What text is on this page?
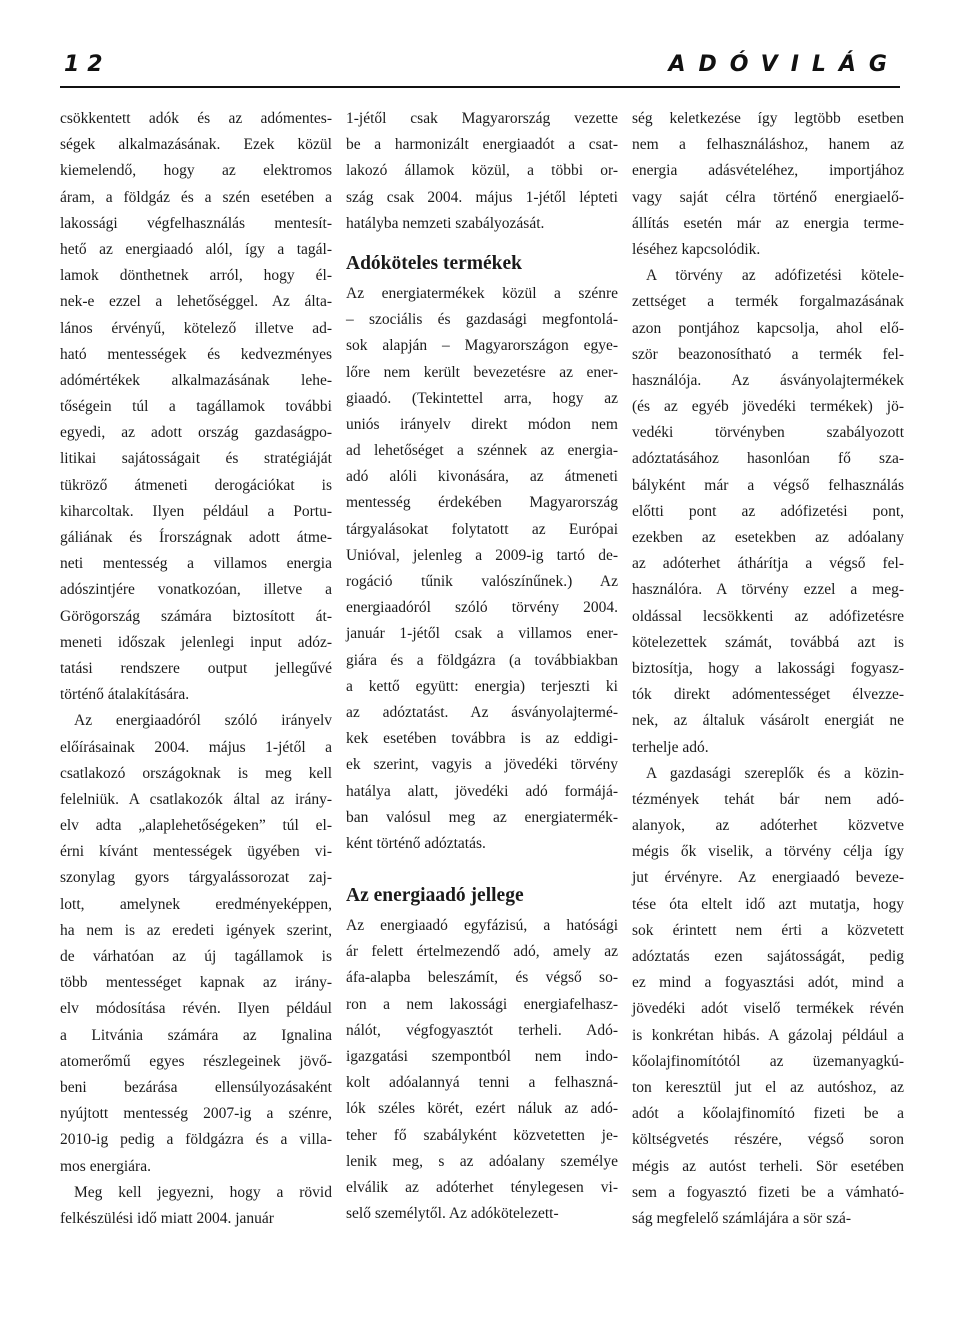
12	ADÓVILÁG
csökkentett adók és az adómentes-
ségek alkalmazásának. Ezek közül
kiemelendő, hogy az elektromos
áram, a földgáz és a szén esetében a
lakossági végfelhasználás mentesít-
hető az energiaadó alól, így a tagál-
lamok dönthetnek arról, hogy él-
nek-e ezzel a lehetőséggel. Az álta-
lános érvényű, kötelező illetve ad-
ható mentességek és kedvezményes
adómértékek alkalmazásának lehe-
tőségein túl a tagállamok további
egyedi, az adott ország gazdaságpo-
litikai sajátosságait és stratégiáját
tükröző átmeneti derogációkat is
kiharcoltak. Ilyen például a Portu-
gáliának és Írországnak adott átme-
neti mentesség a villamos energia
adószintjére vonatkozóan, illetve a
Görögország számára biztosított át-
meneti időszak jelenlegi input adóz-
tatási rendszere output jellegűvé
történő átalakítására.
Az energiaadóról szóló irányelv
előírásainak 2004. május 1-jétől a
csatlakozó országoknak is meg kell
felelniük. A csatlakozók által az irány-
elv adta „alaplehetőségeken” túl el-
érni kívánt mentességek ügyében vi-
szonylag gyors tárgyalássorozat zaj-
lott, amelynek eredményeképpen,
ha nem is az eredeti igények szerint,
de várhatóan az új tagállamok is
több mentességet kapnak az irány-
elv módosítása révén. Ilyen például
a Litvánia számára az Ignalina
atomerőmű egyes részlegeinek jövő-
beni bezárása ellensúlyozásaként
nyújtott mentesség 2007-ig a szénre,
2010-ig pedig a földgázra és a villa-
mos energiára.
Meg kell jegyezni, hogy a rövid
felkészülési idő miatt 2004. január
1-jétől csak Magyarország vezette
be a harmonizált energiaadót a csat-
lakozó államok közül, a többi or-
szág csak 2004. május 1-jétől lépteti
hatályba nemzeti szabályozását.
Adóköteles termékek
Az energiatermékek közül a szénre
– szociális és gazdasági megfontolá-
sok alapján – Magyarországon egye-
lőre nem került bevezetésre az ener-
giaadó. (Tekintettel arra, hogy az
uniós irányelv direkt módon nem
ad lehetőséget a szénnek az energia-
adó alóli kivonására, az átmeneti
mentesség érdekében Magyarország
tárgyalásokat folytatott az Európai
Unióval, jelenleg a 2009-ig tartó de-
rogáció tűnik valószínűnek.) Az
energiaadóról szóló törvény 2004.
január 1-jétől csak a villamos ener-
giára és a földgázra (a továbbiakban
a kettő együtt: energia) terjeszti ki
az adóztatást. Az ásványolajtermé-
kek esetében továbbra is az eddigi-
ek szerint, vagyis a jövedéki törvény
hatálya alatt, jövedéki adó formájá-
ban valósul meg az energiatermék-
ként történő adóztatás.
Az energiaadó jellege
Az energiaadó egyfázisú, a hatósági
ár felett értelmezendő adó, amely az
áfa-alapba beleszámít, és végső so-
ron a nem lakossági energiafelhasz-
nálót, végfogyasztót terheli. Adó-
igazgatási szempontból nem indo-
kolt adóalannyá tenni a felhaszná-
lók széles körét, ezért náluk az adó-
teher fő szabályként közvetetten je-
lenik meg, s az adóalany személye
elválik az adóterhet ténylegesen vi-
selő személytől. Az adókötelezett-
ség keletkezése így legtöbb esetben
nem a felhasználáshoz, hanem az
energia adásvételéhez, importjához
vagy saját célra történő energiaelő-
állítás esetén már az energia terme-
léséhez kapcsolódik.
A törvény az adófizetési kötele-
zettséget a termék forgalmazásának
azon pontjához kapcsolja, ahol elő-
ször beazonosítható a termék fel-
használója. Az ásványolajtermékek
(és az egyéb jövedéki termékek) jö-
vedéki törvényben szabályozott
adóztatásához hasonlóan fő sza-
bályként már a végső felhasználás
előtti pont az adófizetési pont,
ezekben az esetekben az adóalany
az adóterhet áthárítja a végső fel-
használóra. A törvény ezzel a meg-
oldással lecsökkenti az adófizetésre
kötelezettek számát, továbbá azt is
biztosítja, hogy a lakossági fogyasz-
tók direkt adómentességet élvezze-
nek, az általuk vásárolt energiát ne
terhelje adó.
A gazdasági szereplők és a közin-
tézmények tehát bár nem adó-
alanyok, az adóterhet közvetve
mégis ők viselik, a törvény célja így
jut érvényre. Az energiaadó beveze-
tése óta eltelt idő azt mutatja, hogy
sok érintett nem érti a közvetett
adóztatás ezen sajátosságát, pedig
ez mind a fogyasztási adót, mind a
jövedéki adót viselő termékek révén
is konkrétan hibás. A gázolaj például a
kőolajfinomítótól az üzemanyagkú-
ton keresztül jut el az autóshoz, az
adót a kőolajfinomító fizeti be a
költségvetés részére, végső soron
mégis az autóst terheli. Sör esetében
sem a fogyasztó fizeti be a vámható-
ság megfelelő számlájára a sör szá-
